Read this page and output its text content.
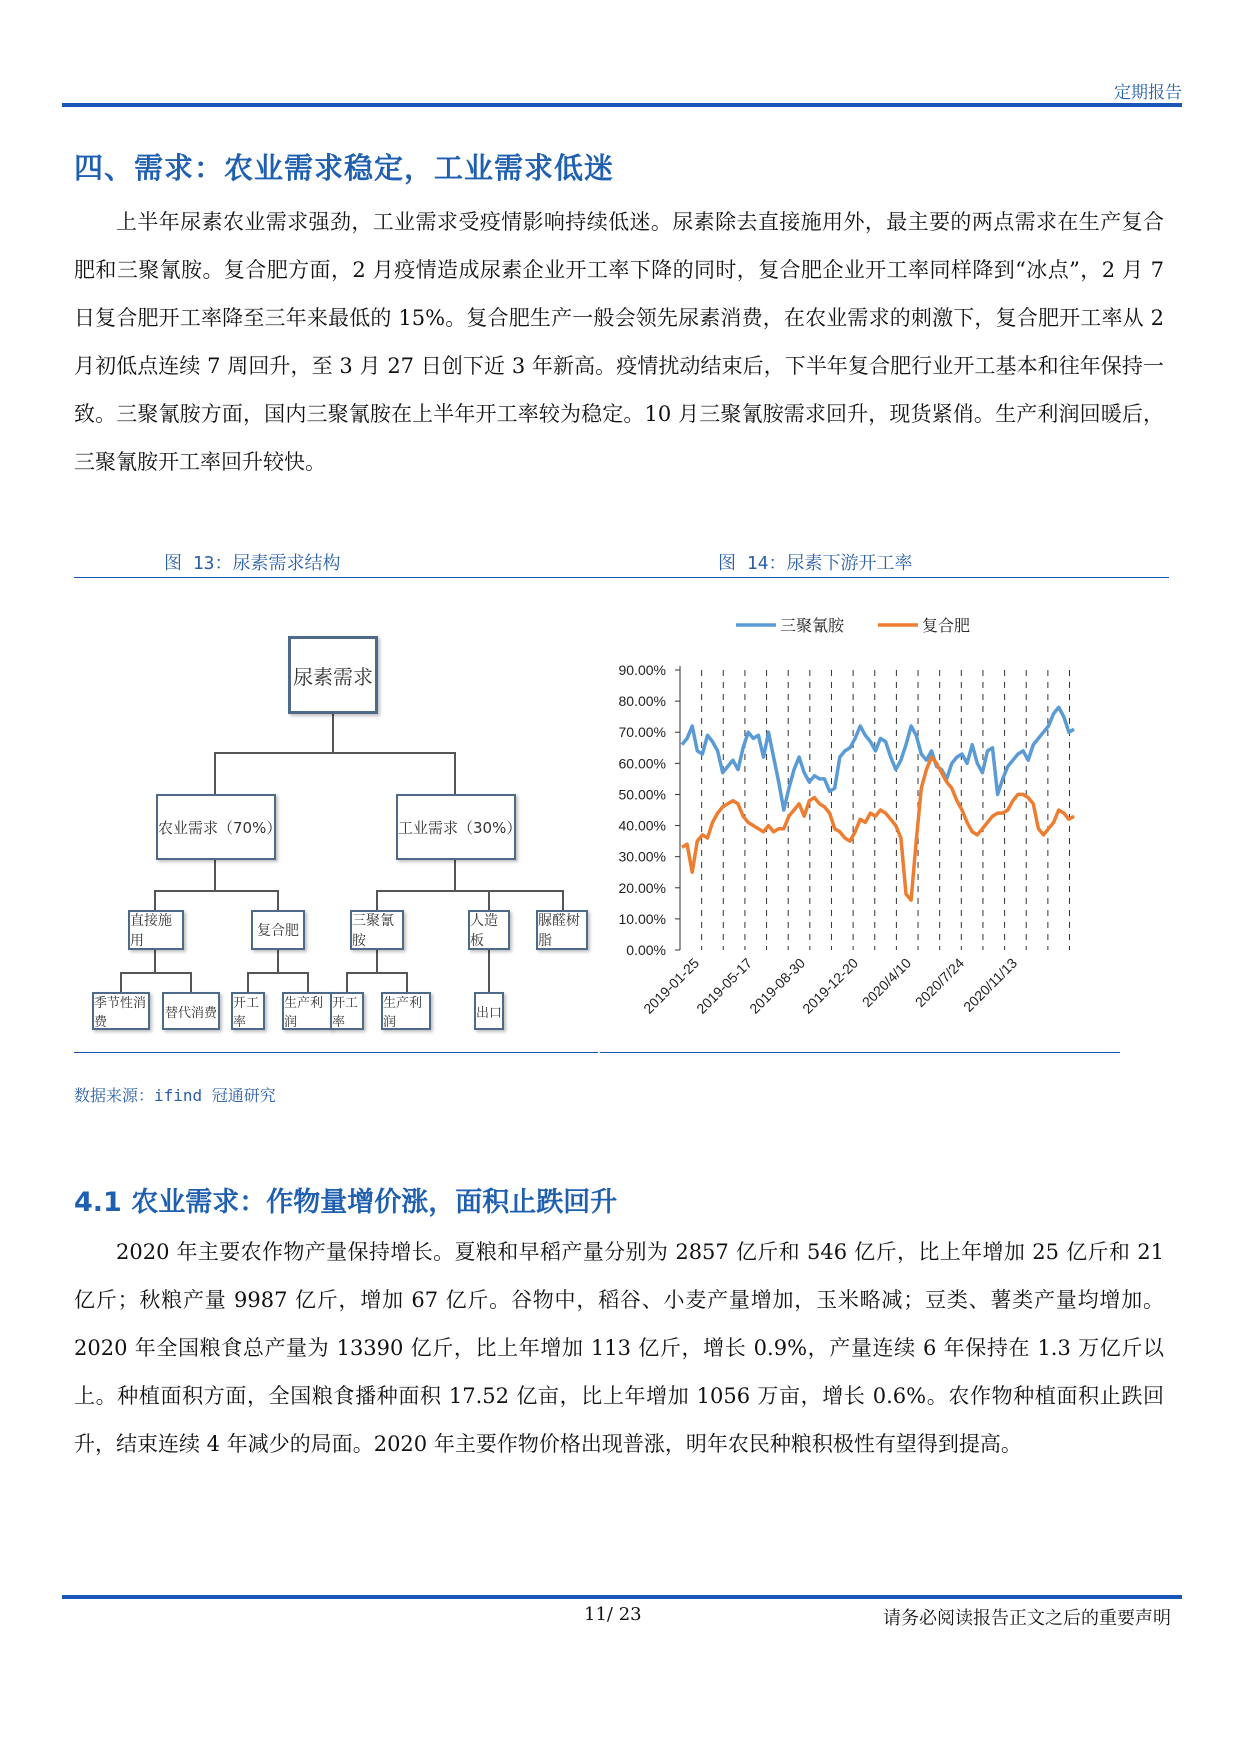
定期报告
四、需求：农业需求稳定，工业需求低迷

上半年尿素农业需求强劲，工业需求受疫情影响持续低迷。尿素除去直接施用外，最主要的两点需求在生产复合肥和三聚氰胺。复合肥方面，2 月疫情造成尿素企业开工率下降的同时，复合肥企业开工率同样降到“冰点”，2 月 7 日复合肥开工率降至三年来最低的 15%。复合肥生产一般会领先尿素消费，在农业需求的刺激下，复合肥开工率从 2 月初低点连续 7 周回升，至 3 月 27 日创下近 3 年新高。疫情扰动结束后，下半年复合肥行业开工基本和往年保持一致。三聚氰胺方面，国内三聚氰胺在上半年开工率较为稳定。10 月三聚氰胺需求回升，现货紧俏。生产利润回暖后，三聚氰胺开工率回升较快。

图 13：尿素需求结构	图 14：尿素下游开工率
尿素需求
农业需求（70%）	工业需求（30%）
直接施用
复合肥
三聚氰胺
人造板
脲醛树脂
季节性消费
替代消费
开工率
生产利润
开工率
生产利润
出口
0.00%
10.00%
20.00%
30.00%
40.00%
50.00%
60.00%
70.00%
80.00%
90.00%
2019-01-25
2019-05-17
2019-08-30
2019-12-20
2020/4/10
2020/7/24
2020/11/13
三聚氰胺	复合肥
数据来源：ifind 冠通研究
4.1 农业需求：作物量增价涨，面积止跌回升

2020 年主要农作物产量保持增长。夏粮和早稻产量分别为 2857 亿斤和 546 亿斤，比上年增加 25 亿斤和 21 亿斤；秋粮产量 9987 亿斤，增加 67 亿斤。谷物中，稻谷、小麦产量增加，玉米略减；豆类、薯类产量均增加。2020 年全国粮食总产量为 13390 亿斤，比上年增加 113 亿斤，增长 0.9%，产量连续 6 年保持在 1.3 万亿斤以上。种植面积方面，全国粮食播种面积 17.52 亿亩，比上年增加 1056 万亩，增长 0.6%。农作物种植面积止跌回升，结束连续 4 年减少的局面。2020 年主要作物价格出现普涨，明年农民种粮积极性有望得到提高。

11/ 23	请务必阅读报告正文之后的重要声明
